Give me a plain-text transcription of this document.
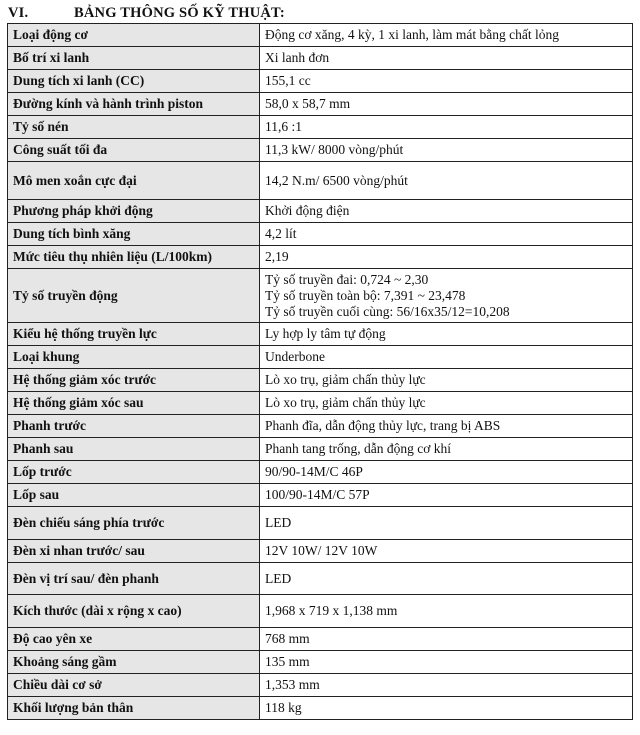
VI.	BẢNG THÔNG SỐ KỸ THUẬT:
Loại động cơ	Động cơ xăng, 4 kỳ, 1 xi lanh, làm mát bằng chất lỏng

Bố trí xi lanh	Xi lanh đơn

Dung tích xi lanh (CC)	155,1 cc

Đường kính và hành trình piston	58,0 x 58,7 mm

Tỷ số nén	11,6 :1

Công suất tối đa	11,3 kW/ 8000 vòng/phút

Mô men xoắn cực đại	14,2 N.m/ 6500 vòng/phút

Phương pháp khởi động	Khởi động điện

Dung tích bình xăng	4,2 lít

Mức tiêu thụ nhiên liệu (L/100km)	2,19

Tỷ số truyền động	Tỷ số truyền đai: 0,724 ~ 2,30
Tỷ số truyền toàn bộ: 7,391 ~ 23,478
Tỷ số truyền cuối cùng: 56/16x35/12=10,208

Kiểu hệ thống truyền lực	Ly hợp ly tâm tự động

Loại khung	Underbone

Hệ thống giảm xóc trước	Lò xo trụ, giảm chấn thủy lực

Hệ thống giảm xóc sau	Lò xo trụ, giảm chấn thủy lực

Phanh trước	Phanh đĩa, dẫn động thủy lực, trang bị ABS

Phanh sau	Phanh tang trống, dẫn động cơ khí

Lốp trước	90/90-14M/C 46P

Lốp sau	100/90-14M/C 57P

Đèn chiếu sáng phía trước	LED

Đèn xi nhan trước/ sau	12V 10W/ 12V 10W

Đèn vị trí sau/ đèn phanh	LED

Kích thước (dài x rộng x cao)	1,968 x 719 x 1,138 mm

Độ cao yên xe	768 mm

Khoảng sáng gầm	135 mm

Chiều dài cơ sở	1,353 mm

Khối lượng bản thân	118 kg
